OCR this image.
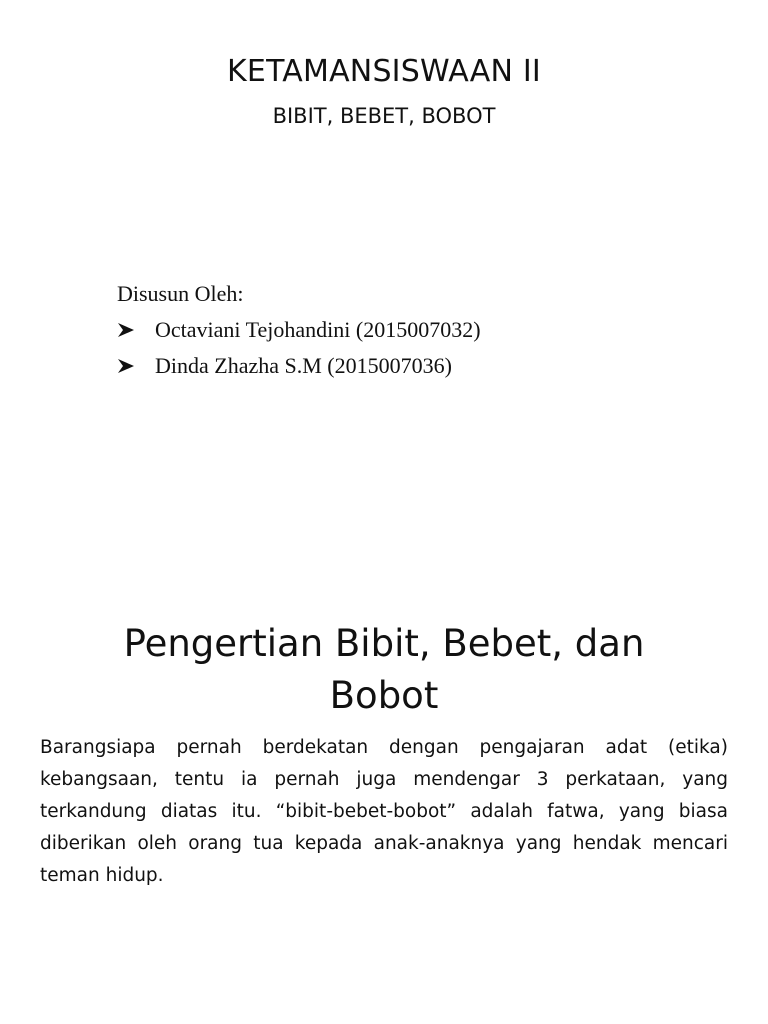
KETAMANSISWAAN II
BIBIT, BEBET, BOBOT
Disusun Oleh:
Octaviani Tejohandini (2015007032)
Dinda Zhazha S.M (2015007036)
Pengertian Bibit, Bebet, dan
Bobot
Barangsiapa pernah berdekatan dengan pengajaran adat (etika) kebangsaan, tentu ia pernah juga mendengar 3 perkataan, yang terkandung diatas itu. “bibit-bebet-bobot” adalah fatwa, yang biasa diberikan oleh orang tua kepada anak-anaknya yang hendak mencari teman hidup.
